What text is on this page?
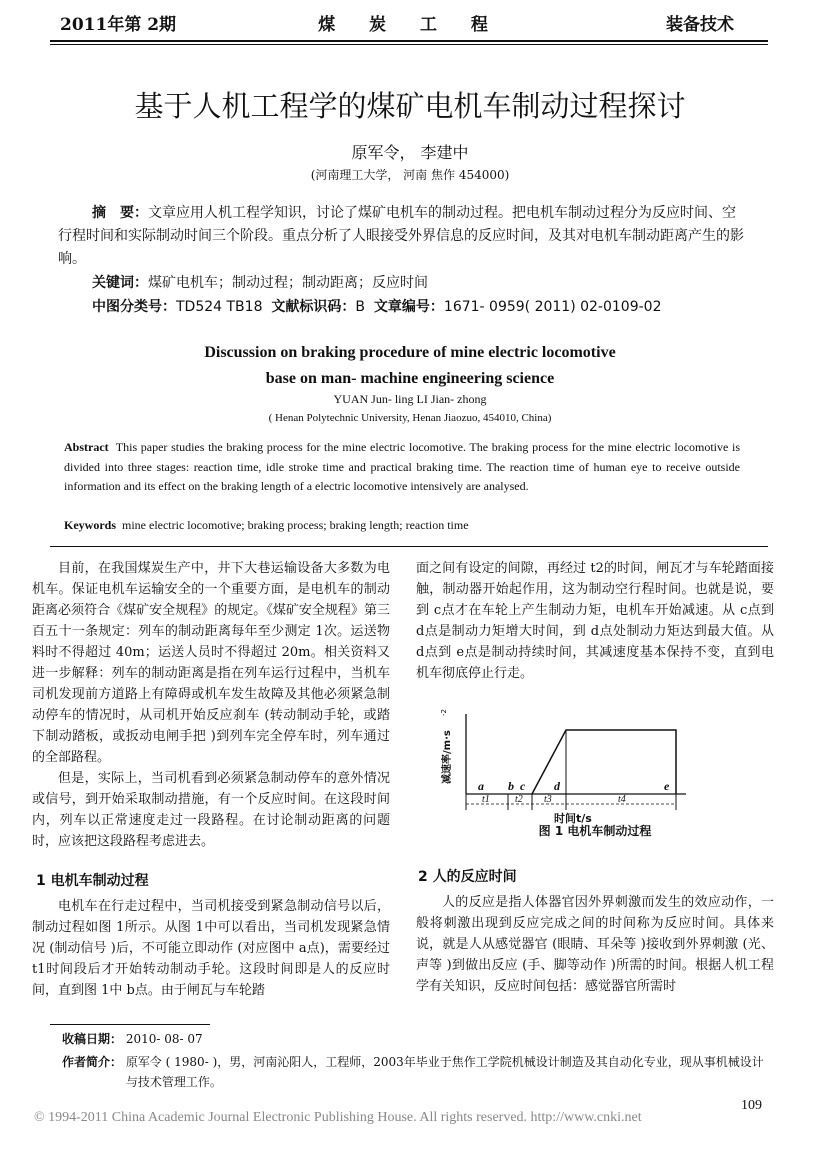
2011年第 2期	煤 炭 工 程	装备技术
基于人机工程学的煤矿电机车制动过程探讨
原军令， 李建中
(河南理工大学， 河南 焦作 454000)
摘　要：文章应用人机工程学知识，讨论了煤矿电机车的制动过程。把电机车制动过程分为反应时间、空行程时间和实际制动时间三个阶段。重点分析了人眼接受外界信息的反应时间，及其对电机车制动距离产生的影响。
关键词：煤矿电机车；制动过程；制动距离；反应时间
中图分类号：TD524 TB18 文献标识码：B 文章编号：1671- 0959( 2011) 02-0109-02
Discussion on braking procedure of mine electric locomotive
base on man- machine engineering science
YUAN Jun- ling LI Jian- zhong
( Henan Polytechnic University, Henan Jiaozuo, 454010, China)
Abstract This paper studies the braking process for the mine electric locomotive. The braking process for the mine electric locomotive is divided into three stages: reaction time, idle stroke time and practical braking time. The reaction time of human eye to receive outside information and its effect on the braking length of a electric locomotive intensively are analysed.
Keywords mine electric locomotive; braking process; braking length; reaction time

目前，在我国煤炭生产中，井下大巷运输设备大多数为电机车。保证电机车运输安全的一个重要方面，是电机车的制动距离必须符合《煤矿安全规程》的规定。《煤矿安全规程》第三百五十一条规定：列车的制动距离每年至少测定 1次。运送物料时不得超过 40m；运送人员时不得超过 20m。相关资料又进一步解释：列车的制动距离是指在列车运行过程中，当机车司机发现前方道路上有障碍或机车发生故障及其他必须紧急制动停车的情况时，从司机开始反应刹车 (转动制动手轮，或踏下制动踏板，或扳动电闸手把 )到列车完全停车时，列车通过的全部路程。

但是，实际上，当司机看到必须紧急制动停车的意外情况或信号，到开始采取制动措施，有一个反应时间。在这段时间内，列车以正常速度走过一段路程。在讨论制动距离的问题时，应该把这段路程考虑进去。

1 电机车制动过程

电机车在行走过程中，当司机接受到紧急制动信号以后，制动过程如图 1所示。从图 1中可以看出，当司机发现紧急情况 (制动信号 )后，不可能立即动作 (对应图中 a点)，需要经过 t1时间段后才开始转动制动手轮。这段时间即是人的反应时间，直到图 1中 b点。由于闸瓦与车轮踏

面之间有设定的间隙，再经过 t2的时间，闸瓦才与车轮踏面接触，制动器开始起作用，这为制动空行程时间。也就是说，要到 c点才在车轮上产生制动力矩，电机车开始减速。从 c点到 d点是制动力矩增大时间，到 d点处制动力矩达到最大值。从 d点到 e点是制动持续时间，其减速度基本保持不变，直到电机车彻底停止行走。

a b c d	e
t1	t2 t3	t4
时间t/s
减速率/m·s
-2
图 1 电机车制动过程
2 人的反应时间

人的反应是指人体器官因外界刺激而发生的效应动作，一般将刺激出现到反应完成之间的时间称为反应时间。具体来说，就是人从感觉器官 (眼睛、耳朵等 )接收到外界刺激 (光、声等 )到做出反应 (手、脚等动作 )所需的时间。根据人机工程学有关知识，反应时间包括：感觉器官所需时

收稿日期： 2010- 08- 07
作者简介： 原军令 ( 1980- )，男，河南沁阳人，工程师，2003年毕业于焦作工学院机械设计制造及其自动化专业，现从事机械设计与技术管理工作。
© 1994-2011 China Academic Journal Electronic Publishing House. All rights reserved. http://www.cnki.net
109
